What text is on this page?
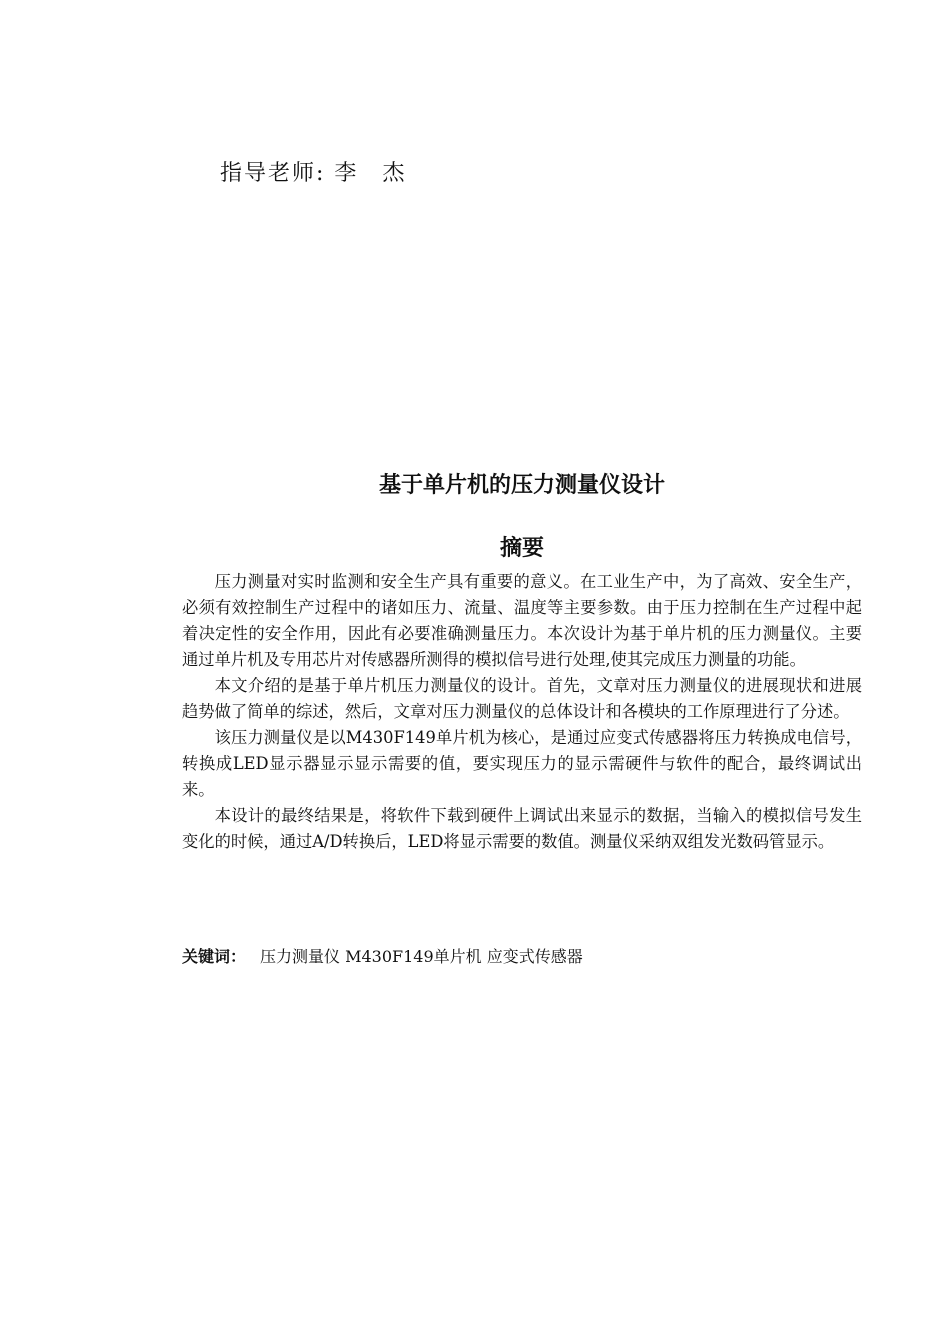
指导老师: 李 杰
基于单片机的压力测量仪设计
摘要

压力测量对实时监测和安全生产具有重要的意义。在工业生产中，为了高效、安全生产，必须有效控制生产过程中的诸如压力、流量、温度等主要参数。由于压力控制在生产过程中起着决定性的安全作用，因此有必要准确测量压力。本次设计为基于单片机的压力测量仪。主要通过单片机及专用芯片对传感器所测得的模拟信号进行处理,使其完成压力测量的功能。

本文介绍的是基于单片机压力测量仪的设计。首先，文章对压力测量仪的进展现状和进展趋势做了简单的综述，然后，文章对压力测量仪的总体设计和各模块的工作原理进行了分述。

该压力测量仪是以M430F149单片机为核心，是通过应变式传感器将压力转换成电信号，转换成LED显示器显示显示需要的值，要实现压力的显示需硬件与软件的配合，最终调试出来。

本设计的最终结果是，将软件下载到硬件上调试出来显示的数据，当输入的模拟信号发生变化的时候，通过A/D转换后，LED将显示需要的数值。测量仪采纳双组发光数码管显示。

关键词： 压力测量仪 M430F149单片机 应变式传感器
